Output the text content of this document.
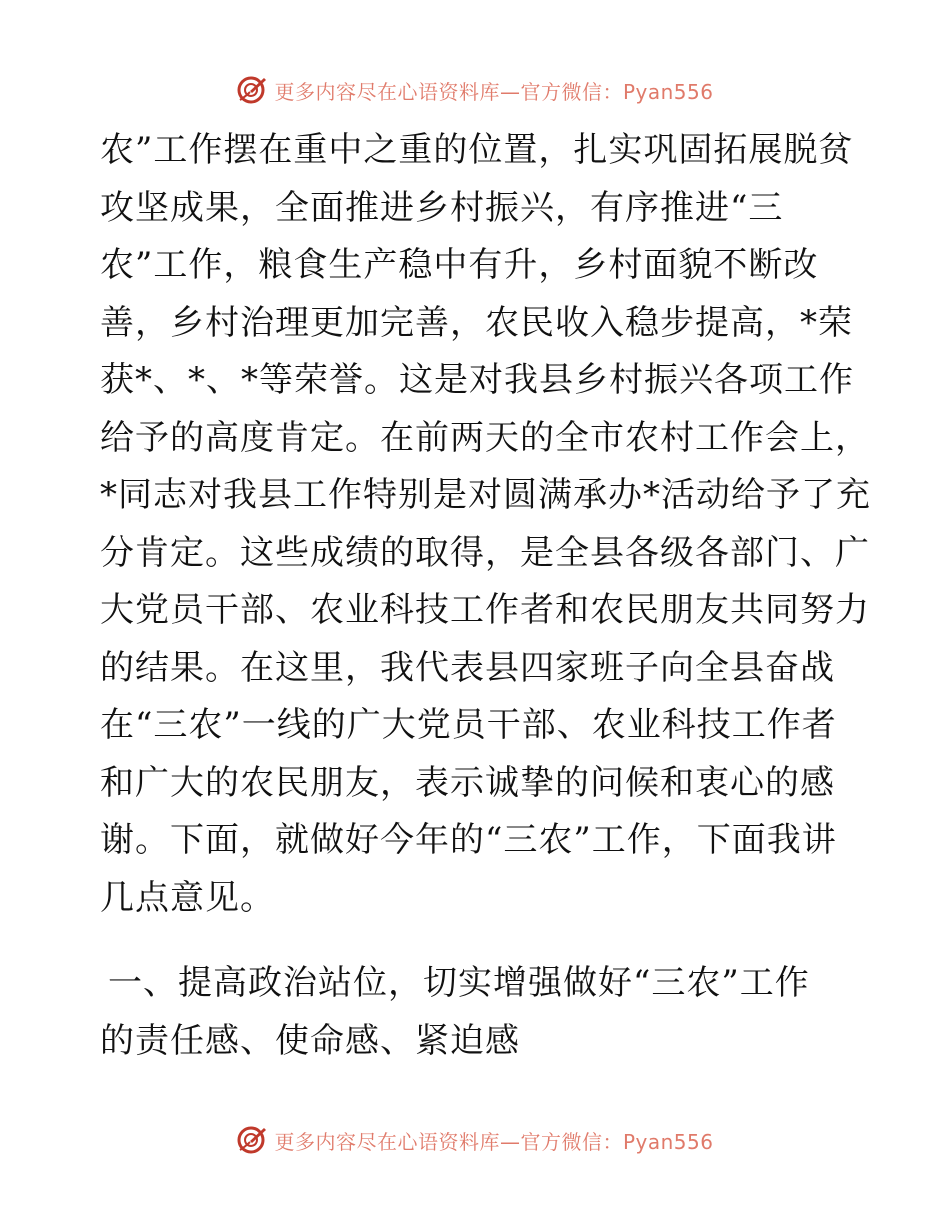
更多内容尽在心语资料库—官方微信：Pyan556
农”工作摆在重中之重的位置，扎实巩固拓展脱贫
攻坚成果，全面推进乡村振兴，有序推进“三
农”工作，粮食生产稳中有升，乡村面貌不断改
善，乡村治理更加完善，农民收入稳步提高，*荣
获*、*、*等荣誉。这是对我县乡村振兴各项工作
给予的高度肯定。在前两天的全市农村工作会上，
*同志对我县工作特别是对圆满承办*活动给予了充
分肯定。这些成绩的取得，是全县各级各部门、广
大党员干部、农业科技工作者和农民朋友共同努力
的结果。在这里，我代表县四家班子向全县奋战
在“三农”一线的广大党员干部、农业科技工作者
和广大的农民朋友，表示诚挚的问候和衷心的感
谢。下面，就做好今年的“三农”工作，下面我讲
几点意见。
一、提高政治站位，切实增强做好“三农”工作
的责任感、使命感、紧迫感
更多内容尽在心语资料库—官方微信：Pyan556
